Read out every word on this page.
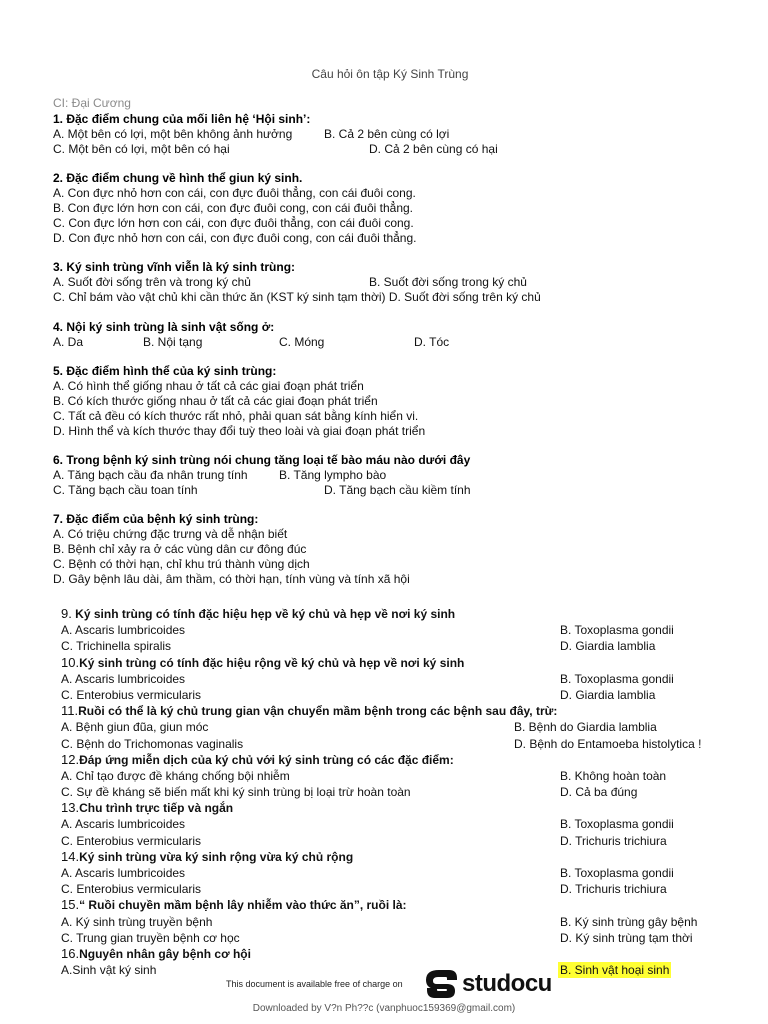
Câu hỏi ôn tập Ký Sinh Trùng
CI: Đại Cương
1. Đặc điểm chung của mối liên hệ ‘Hội sinh’:
A. Một bên có lợi, một bên không ảnh hưởng	B. Cả 2 bên cùng có lợi
C. Một bên có lợi, một bên có hại	D. Cả 2 bên cùng có hại
2. Đặc điểm chung về hình thể giun ký sinh.
A. Con đực nhỏ hơn con cái, con đực đuôi thẳng, con cái đuôi cong.
B. Con đực lớn hơn con cái, con đực đuôi cong, con cái đuôi thẳng.
C. Con đực lớn hơn con cái, con đực đuôi thẳng, con cái đuôi cong.
D. Con đực nhỏ hơn con cái, con đực đuôi cong, con cái đuôi thẳng.
3. Ký sinh trùng vĩnh viễn là ký sinh trùng:
A. Suốt đời sống trên và trong ký chủ	B. Suốt đời sống trong ký chủ
C. Chỉ bám vào vật chủ khi cần thức ăn (KST ký sinh tạm thời) D. Suốt đời sống trên ký chủ
4. Nội ký sinh trùng là sinh vật sống ở:
A. Da	B. Nội tạng	C. Móng	D. Tóc
5. Đặc điểm hình thể của ký sinh trùng:
A. Có hình thể giống nhau ở tất cả các giai đoạn phát triển
B. Có kích thước giống nhau ở tất cả các giai đoạn phát triển
C. Tất cả đều có kích thước rất nhỏ, phải quan sát bằng kính hiển vi.
D. Hình thể và kích thước thay đổi tuỳ theo loài và giai đoạn phát triển
6. Trong bệnh ký sinh trùng nói chung tăng loại tế bào máu nào dưới đây
A. Tăng bạch cầu đa nhân trung tính	B. Tăng lympho bào
C. Tăng bạch cầu toan tính	D. Tăng bạch cầu kiềm tính
7. Đặc điểm của bệnh ký sinh trùng:
A. Có triệu chứng đặc trưng và dễ nhận biết
B. Bệnh chỉ xảy ra ở các vùng dân cư đông đúc
C. Bệnh có thời hạn, chỉ khu trú thành vùng dịch
D. Gây bệnh lâu dài, âm thầm, có thời hạn, tính vùng và tính xã hội
9. Ký sinh trùng có tính đặc hiệu hẹp về ký chủ và hẹp về nơi ký sinh
A. Ascaris lumbricoides	B. Toxoplasma gondii
C. Trichinella spiralis	D. Giardia lamblia
10.Ký sinh trùng có tính đặc hiệu rộng về ký chủ và hẹp về nơi ký sinh
A. Ascaris lumbricoides	B. Toxoplasma gondii
C. Enterobius vermicularis	D. Giardia lamblia
11.Ruồi có thể là ký chủ trung gian vận chuyển mầm bệnh trong các bệnh sau đây, trừ:
A. Bệnh giun đũa, giun móc	B. Bệnh do Giardia lamblia
C. Bệnh do Trichomonas vaginalis	D. Bệnh do Entamoeba histolytica !
12.Đáp ứng miễn dịch của ký chủ với ký sinh trùng có các đặc điểm:
A. Chỉ tạo được đề kháng chống bội nhiễm	B. Không hoàn toàn
C. Sự đề kháng sẽ biến mất khi ký sinh trùng bị loại trừ hoàn toàn	D. Cả ba đúng
13.Chu trình trực tiếp và ngắn
A. Ascaris lumbricoides	B. Toxoplasma gondii
C. Enterobius vermicularis	D. Trichuris trichiura
14.Ký sinh trùng vừa ký sinh rộng vừa ký chủ rộng
A. Ascaris lumbricoides	B. Toxoplasma gondii
C. Enterobius vermicularis	D. Trichuris trichiura
15.“ Ruồi chuyền mầm bệnh lây nhiễm vào thức ăn”, ruồi là:
A. Ký sinh trùng truyền bệnh	B. Ký sinh trùng gây bệnh
C. Trung gian truyền bệnh cơ học	D. Ký sinh trùng tạm thời
16.Nguyên nhân gây bệnh cơ hội
A.Sinh vật ký sinh	B. Sinh vật hoại sinh
This document is available free of charge on studocu
Downloaded by V?n Ph??c (vanphuoc159369@gmail.com)
